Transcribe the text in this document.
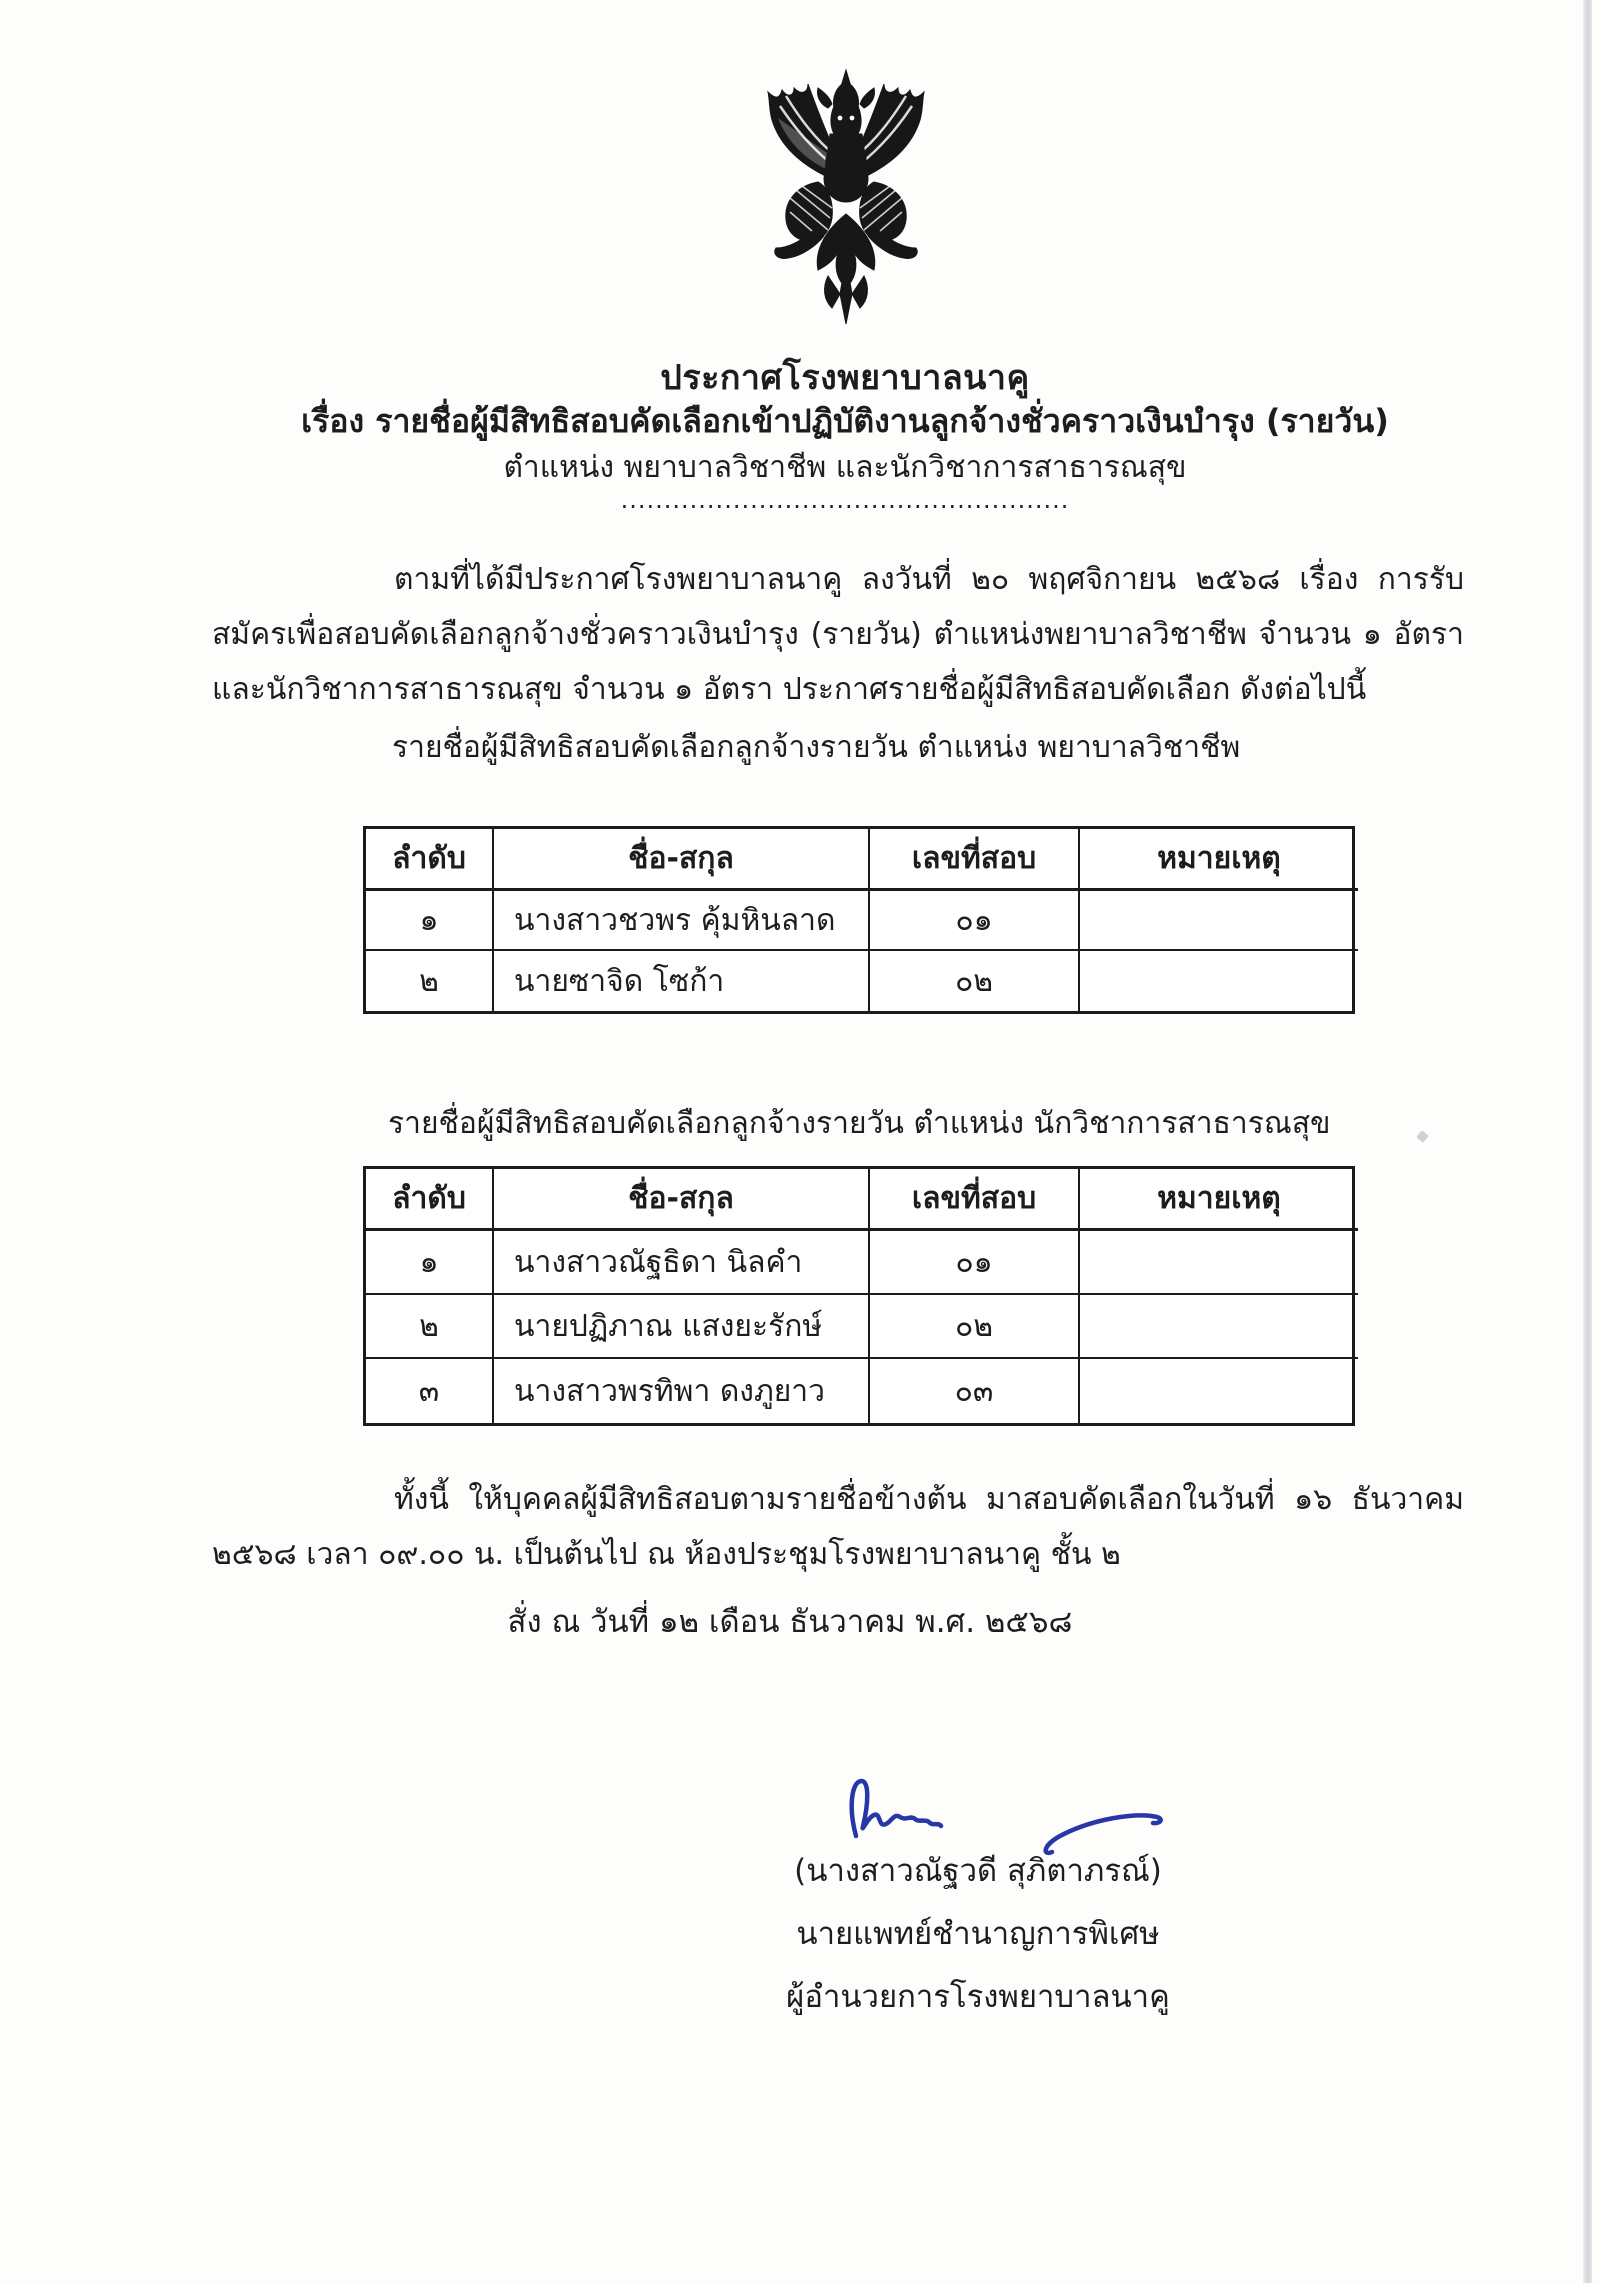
ประกาศโรงพยาบาลนาคู
เรื่อง รายชื่อผู้มีสิทธิสอบคัดเลือกเข้าปฏิบัติงานลูกจ้างชั่วคราวเงินบำรุง (รายวัน)
ตำแหน่ง พยาบาลวิชาชีพ และนักวิชาการสาธารณสุข
....................................................

ตามที่ได้มีประกาศโรงพยาบาลนาคู ลงวันที่ ๒๐ พฤศจิกายน ๒๕๖๘ เรื่อง การรับสมัครเพื่อสอบคัดเลือกลูกจ้างชั่วคราวเงินบำรุง (รายวัน) ตำแหน่งพยาบาลวิชาชีพ จำนวน ๑ อัตรา และนักวิชาการสาธารณสุข จำนวน ๑ อัตรา ประกาศรายชื่อผู้มีสิทธิสอบคัดเลือก ดังต่อไปนี้

รายชื่อผู้มีสิทธิสอบคัดเลือกลูกจ้างรายวัน ตำแหน่ง พยาบาลวิชาชีพ
ลำดับ	ชื่อ-สกุล	เลขที่สอบ	หมายเหตุ
๑	นางสาวชวพร คุ้มหินลาด	๐๑
๒	นายซาจิด โซก้า	๐๒
รายชื่อผู้มีสิทธิสอบคัดเลือกลูกจ้างรายวัน ตำแหน่ง นักวิชาการสาธารณสุข
ลำดับ	ชื่อ-สกุล	เลขที่สอบ	หมายเหตุ
๑	นางสาวณัฐธิดา นิลคำ	๐๑
๒	นายปฏิภาณ แสงยะรักษ์	๐๒
๓	นางสาวพรทิพา ดงภูยาว	๐๓

ทั้งนี้ ให้บุคคลผู้มีสิทธิสอบตามรายชื่อข้างต้น มาสอบคัดเลือกในวันที่ ๑๖ ธันวาคม ๒๕๖๘ เวลา ๐๙.๐๐ น. เป็นต้นไป ณ ห้องประชุมโรงพยาบาลนาคู ชั้น ๒

สั่ง ณ วันที่ ๑๒ เดือน ธันวาคม พ.ศ. ๒๕๖๘
(นางสาวณัฐวดี สุภิตาภรณ์)
นายแพทย์ชำนาญการพิเศษ
ผู้อำนวยการโรงพยาบาลนาคู
